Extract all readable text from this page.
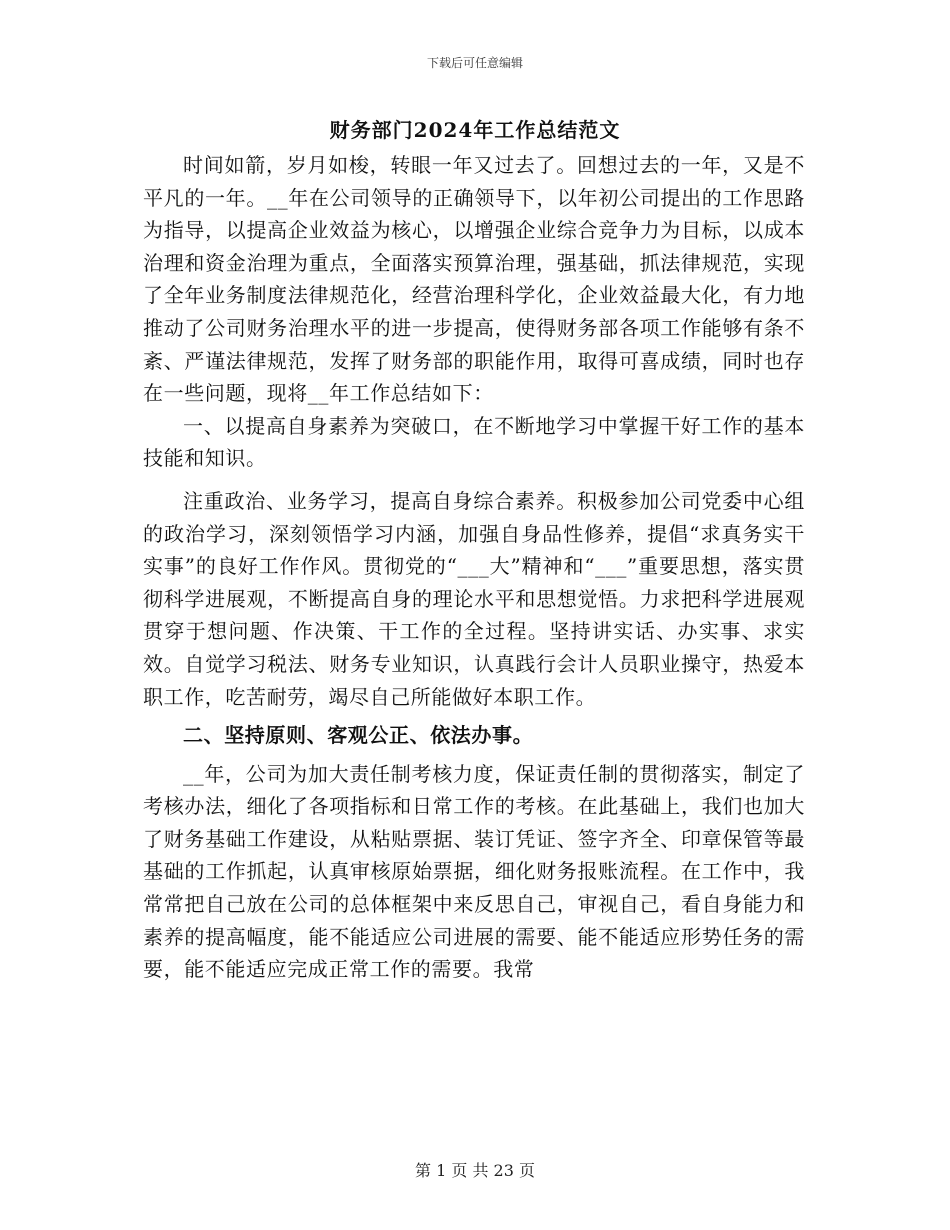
下载后可任意编辑
财务部门2024年工作总结范文

时间如箭，岁月如梭，转眼一年又过去了。回想过去的一年，又是不平凡的一年。__年在公司领导的正确领导下，以年初公司提出的工作思路为指导，以提高企业效益为核心，以增强企业综合竞争力为目标，以成本治理和资金治理为重点，全面落实预算治理，强基础，抓法律规范，实现了全年业务制度法律规范化，经营治理科学化，企业效益最大化，有力地推动了公司财务治理水平的进一步提高，使得财务部各项工作能够有条不紊、严谨法律规范，发挥了财务部的职能作用，取得可喜成绩，同时也存在一些问题，现将__年工作总结如下：

一、以提高自身素养为突破口，在不断地学习中掌握干好工作的基本技能和知识。

注重政治、业务学习，提高自身综合素养。积极参加公司党委中心组的政治学习，深刻领悟学习内涵，加强自身品性修养，提倡“求真务实干实事”的良好工作作风。贯彻党的“___大”精神和“___”重要思想，落实贯彻科学进展观，不断提高自身的理论水平和思想觉悟。力求把科学进展观贯穿于想问题、作决策、干工作的全过程。坚持讲实话、办实事、求实效。自觉学习税法、财务专业知识，认真践行会计人员职业操守，热爱本职工作，吃苦耐劳，竭尽自己所能做好本职工作。

二、坚持原则、客观公正、依法办事。

__年，公司为加大责任制考核力度，保证责任制的贯彻落实，制定了考核办法，细化了各项指标和日常工作的考核。在此基础上，我们也加大了财务基础工作建设，从粘贴票据、装订凭证、签字齐全、印章保管等最基础的工作抓起，认真审核原始票据，细化财务报账流程。在工作中，我常常把自己放在公司的总体框架中来反思自己，审视自己，看自身能力和素养的提高幅度，能不能适应公司进展的需要、能不能适应形势任务的需要，能不能适应完成正常工作的需要。我常

第 1 页 共 23 页
